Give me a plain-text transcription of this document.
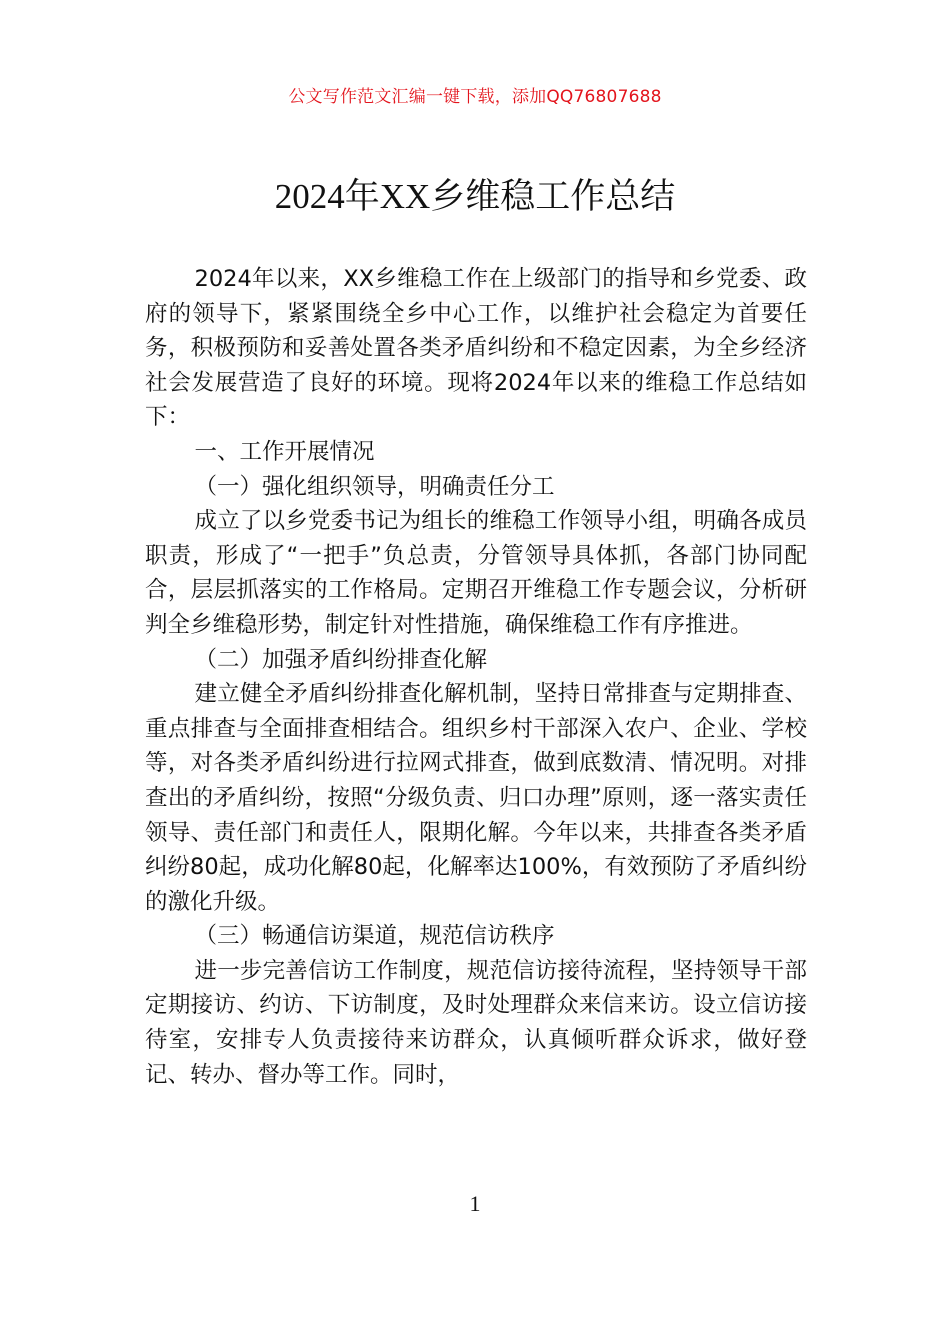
公文写作范文汇编一键下载，添加QQ76807688
2024年XX乡维稳工作总结

2024年以来，XX乡维稳工作在上级部门的指导和乡党委、政府的领导下，紧紧围绕全乡中心工作，以维护社会稳定为首要任务，积极预防和妥善处置各类矛盾纠纷和不稳定因素，为全乡经济社会发展营造了良好的环境。现将2024年以来的维稳工作总结如下：

一、工作开展情况

（一）强化组织领导，明确责任分工

成立了以乡党委书记为组长的维稳工作领导小组，明确各成员职责，形成了“一把手”负总责，分管领导具体抓，各部门协同配合，层层抓落实的工作格局。定期召开维稳工作专题会议，分析研判全乡维稳形势，制定针对性措施，确保维稳工作有序推进。

（二）加强矛盾纠纷排查化解

建立健全矛盾纠纷排查化解机制，坚持日常排查与定期排查、重点排查与全面排查相结合。组织乡村干部深入农户、企业、学校等，对各类矛盾纠纷进行拉网式排查，做到底数清、情况明。对排查出的矛盾纠纷，按照“分级负责、归口办理”原则，逐一落实责任领导、责任部门和责任人，限期化解。今年以来，共排查各类矛盾纠纷80起，成功化解80起，化解率达100%，有效预防了矛盾纠纷的激化升级。

（三）畅通信访渠道，规范信访秩序

进一步完善信访工作制度，规范信访接待流程，坚持领导干部定期接访、约访、下访制度，及时处理群众来信来访。设立信访接待室，安排专人负责接待来访群众，认真倾听群众诉求，做好登记、转办、督办等工作。同时，

1
